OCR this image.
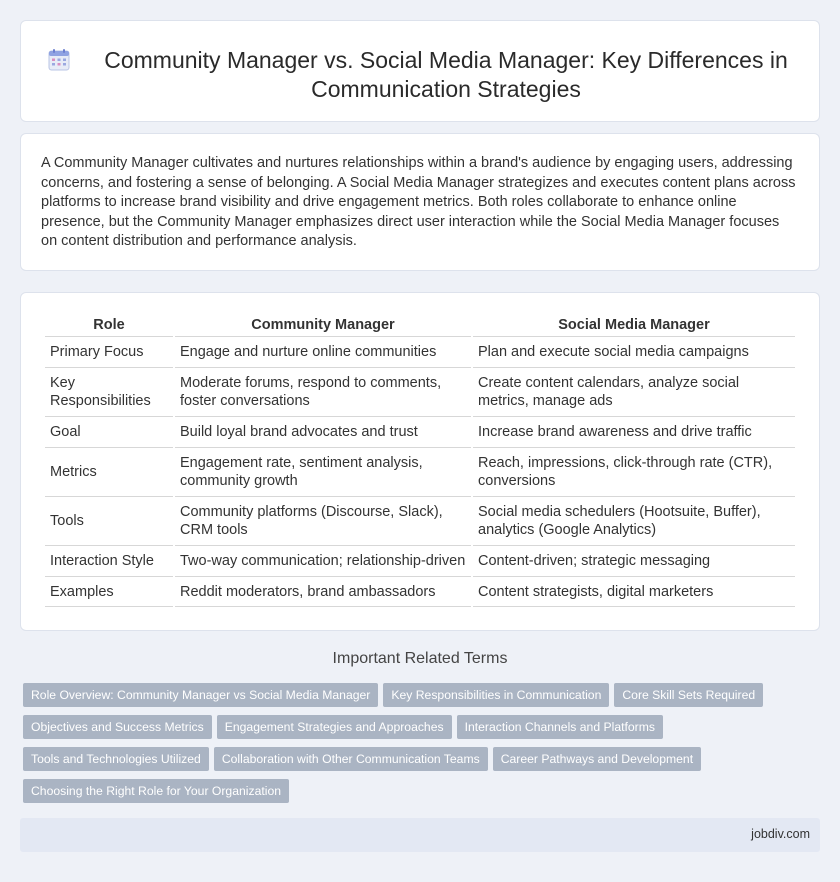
Community Manager vs. Social Media Manager: Key Differences in Communication Strategies

A Community Manager cultivates and nurtures relationships within a brand's audience by engaging users, addressing concerns, and fostering a sense of belonging. A Social Media Manager strategizes and executes content plans across platforms to increase brand visibility and drive engagement metrics. Both roles collaborate to enhance online presence, but the Community Manager emphasizes direct user interaction while the Social Media Manager focuses on content distribution and performance analysis.

Role	Community Manager	Social Media Manager
Primary Focus	Engage and nurture online communities	Plan and execute social media campaigns
Key Responsibilities	Moderate forums, respond to comments, foster conversations	Create content calendars, analyze social metrics, manage ads
Goal	Build loyal brand advocates and trust	Increase brand awareness and drive traffic
Metrics	Engagement rate, sentiment analysis, community growth	Reach, impressions, click-through rate (CTR), conversions
Tools	Community platforms (Discourse, Slack), CRM tools	Social media schedulers (Hootsuite, Buffer), analytics (Google Analytics)
Interaction Style	Two-way communication; relationship-driven	Content-driven; strategic messaging
Examples	Reddit moderators, brand ambassadors	Content strategists, digital marketers
Important Related Terms
Role Overview: Community Manager vs Social Media Manager Key Responsibilities in Communication Core Skill Sets Required
Objectives and Success Metrics Engagement Strategies and Approaches Interaction Channels and Platforms
Tools and Technologies Utilized Collaboration with Other Communication Teams Career Pathways and Development
Choosing the Right Role for Your Organization
jobdiv.com
